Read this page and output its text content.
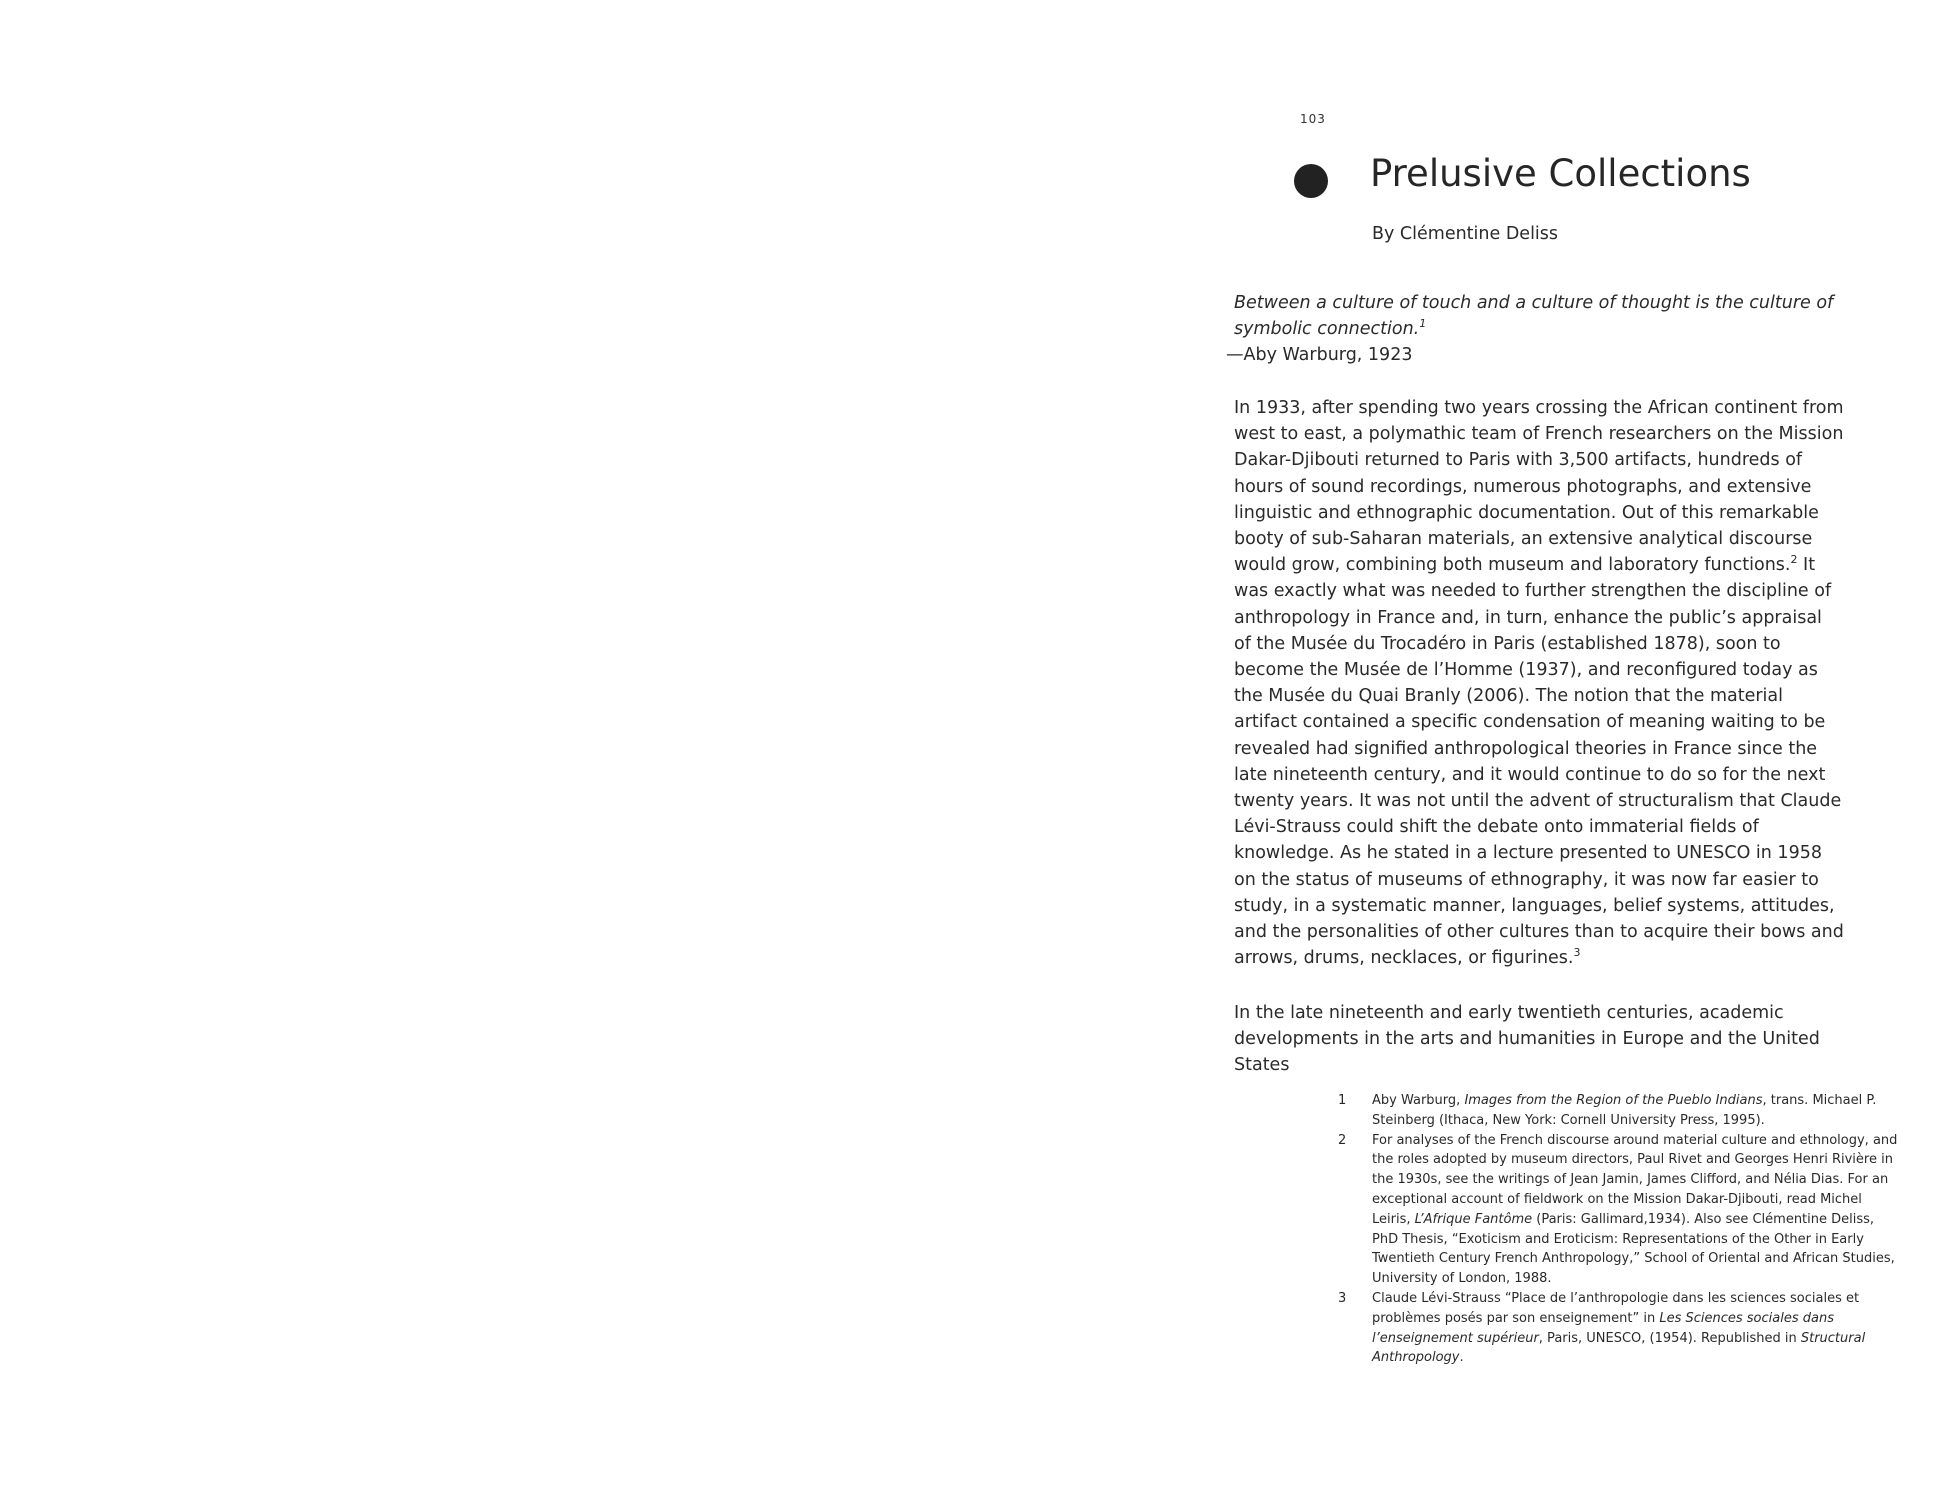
103
Prelusive Collections
By Clémentine Deliss
Between a culture of touch and a culture of thought is the culture of symbolic connection.$^1$
—Aby Warburg, 1923

In 1933, after spending two years crossing the African continent from west to east, a polymathic team of French researchers on the Mission Dakar-Djibouti returned to Paris with 3,500 artifacts, hundreds of hours of sound recordings, numerous photographs, and extensive linguistic and ethnographic documentation. Out of this remarkable booty of sub-Saharan materials, an extensive analytical discourse would grow, combining both museum and laboratory functions.$^2$ It was exactly what was needed to further strengthen the discipline of anthropology in France and, in turn, enhance the public’s appraisal of the Musée du Trocadéro in Paris (established 1878), soon to become the Musée de l’Homme (1937), and reconfigured today as the Musée du Quai Branly (2006). The notion that the material artifact contained a specific condensation of meaning waiting to be revealed had signified anthropological theories in France since the late nineteenth century, and it would continue to do so for the next twenty years. It was not until the advent of structuralism that Claude Lévi-Strauss could shift the debate onto immaterial fields of knowledge. As he stated in a lecture presented to UNESCO in 1958 on the status of museums of ethnography, it was now far easier to study, in a systematic manner, languages, belief systems, attitudes, and the personalities of other cultures than to acquire their bows and arrows, drums, necklaces, or figurines.$^3$

In the late nineteenth and early twentieth centuries, academic developments in the arts and humanities in Europe and the United States

1	Aby Warburg, Images from the Region of the Pueblo Indians, trans. Michael P. Steinberg (Ithaca, New York: Cornell University Press, 1995).
2	For analyses of the French discourse around material culture and ethnology, and the roles adopted by museum directors, Paul Rivet and Georges Henri Rivière in the 1930s, see the writings of Jean Jamin, James Clifford, and Nélia Dias. For an exceptional account of fieldwork on the Mission Dakar-Djibouti, read Michel Leiris, L’Afrique Fantôme (Paris: Gallimard,1934). Also see Clémentine Deliss, PhD Thesis, “Exoticism and Eroticism: Representations of the Other in Early Twentieth Century French Anthropology,” School of Oriental and African Studies, University of London, 1988.
3	Claude Lévi-Strauss “Place de l’anthropologie dans les sciences sociales et problèmes posés par son enseignement” in Les Sciences sociales dans l’enseignement supérieur, Paris, UNESCO, (1954). Republished in Structural Anthropology.
